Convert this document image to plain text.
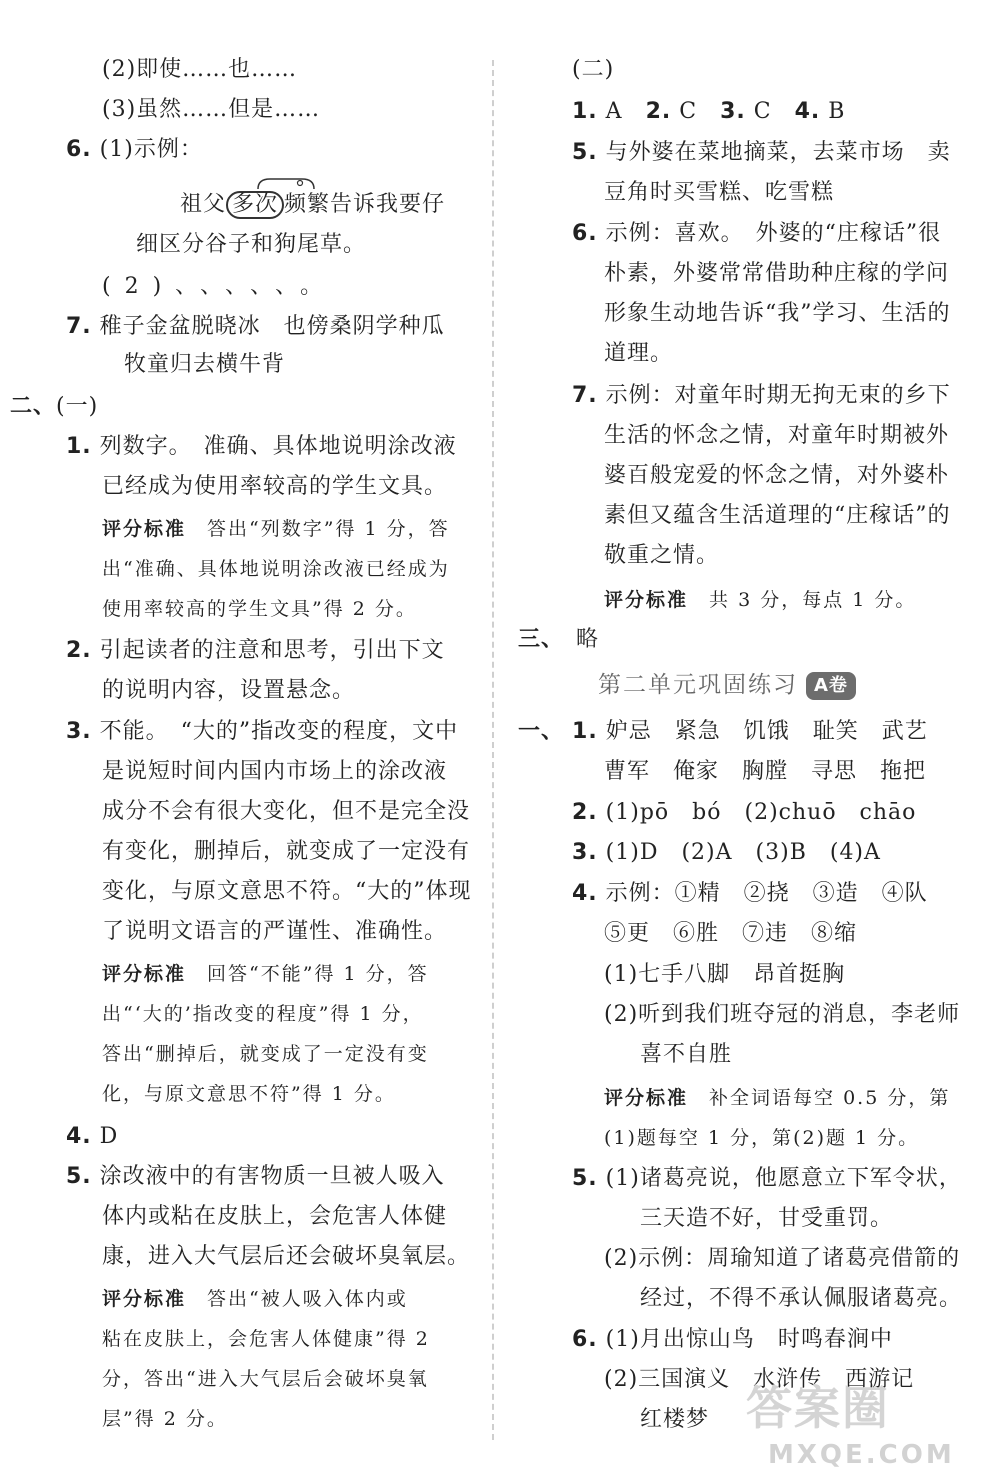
(2)即使……也……
(3)虽然……但是……
6. (1)示例：
祖父 多次 频繁告诉我要仔
细区分谷子和狗尾草。
(2)、、、、、。
7. 稚子金盆脱晓冰　也傍桑阴学种瓜
牧童归去横牛背
二、(一)
1. 列数字。　准确、具体地说明涂改液
已经成为使用率较高的学生文具。
评分标准　 答出“列数字”得 1 分，答
出“准确、具体地说明涂改液已经成为
使用率较高的学生文具”得 2 分。
2. 引起读者的注意和思考，引出下文
的说明内容，设置悬念。
3. 不能。　“大的”指改变的程度，文中
是说短时间内国内市场上的涂改液
成分不会有很大变化，但不是完全没
有变化，删掉后，就变成了一定没有
变化，与原文意思不符。“大的”体现
了说明文语言的严谨性、准确性。
评分标准　 回答“不能”得 1 分，答
出“‘大的’指改变的程度”得 1 分，
答出“删掉后，就变成了一定没有变
化，与原文意思不符”得 1 分。
4. D
5. 涂改液中的有害物质一旦被人吸入
体内或粘在皮肤上，会危害人体健
康，进入大气层后还会破坏臭氧层。
评分标准　 答出“被人吸入体内或
粘在皮肤上，会危害人体健康”得 2
分，答出“进入大气层后会破坏臭氧
层”得 2 分。
(二)
1. A　2. C　3. C　4. B
5. 与外婆在菜地摘菜，去菜市场　卖
豆角时买雪糕、吃雪糕
6. 示例：喜欢。　外婆的“庄稼话”很
朴素，外婆常常借助种庄稼的学问
形象生动地告诉“我”学习、生活的
道理。
7. 示例：对童年时期无拘无束的乡下
生活的怀念之情，对童年时期被外
婆百般宠爱的怀念之情，对外婆朴
素但又蕴含生活道理的“庄稼话”的
敬重之情。
评分标准　 共 3 分，每点 1 分。
三、　 略
第二单元巩固练习 A卷
一、 1. 妒忌　紧急　饥饿　耻笑　武艺
曹军　俺家　胸膛　寻思　拖把
2. (1)pō　bó　(2)chuō　chāo
3. (1)D　(2)A　(3)B　(4)A
4. 示例：①精　②挠　③造　④队
⑤更　⑥胜　⑦违　⑧缩
(1)七手八脚　昂首挺胸
(2)听到我们班夺冠的消息，李老师
喜不自胜
评分标准　 补全词语每空 0.5 分，第
(1)题每空 1 分，第(2)题 1 分。
5. (1)诸葛亮说，他愿意立下军令状，
三天造不好，甘受重罚。
(2)示例：周瑜知道了诸葛亮借箭的
经过，不得不承认佩服诸葛亮。
6. (1)月出惊山鸟　时鸣春涧中
(2)三国演义　水浒传　西游记
红楼梦 答案圈
MXQE.COM
